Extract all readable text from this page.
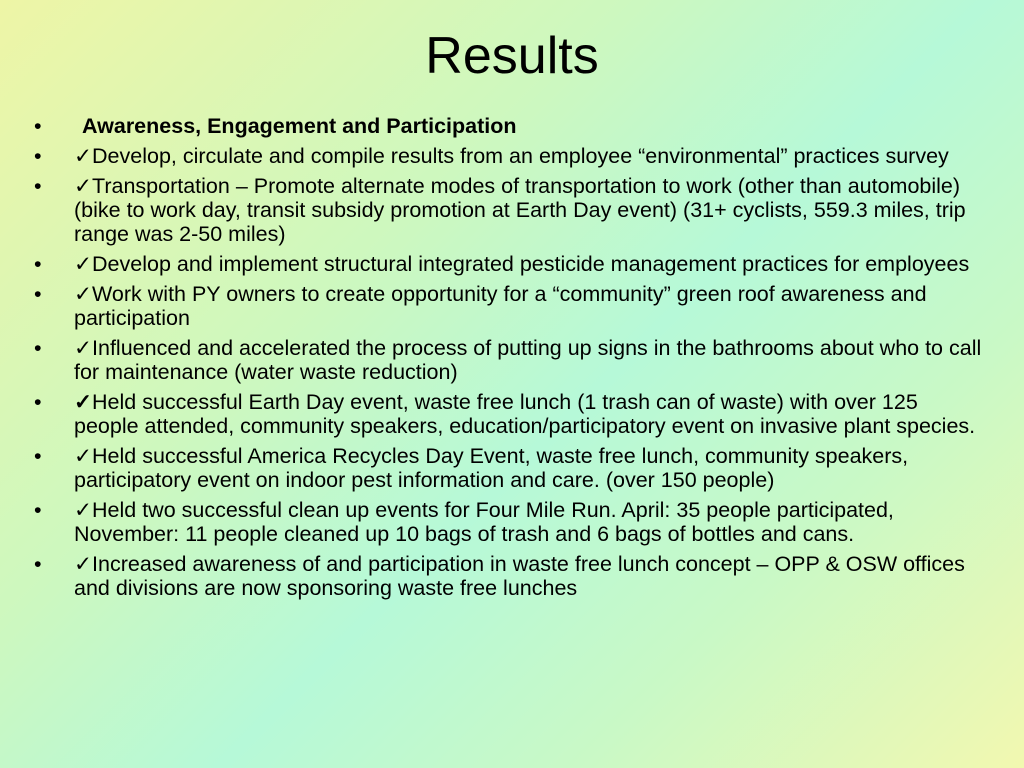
Results
•	Awareness, Engagement and Participation
•	✓Develop, circulate and compile results from an employee “environmental” practices survey
•	✓Transportation – Promote alternate modes of transportation to work (other than automobile) (bike to work day, transit subsidy promotion at Earth Day event) (31+ cyclists, 559.3 miles, trip range was 2-50 miles)
•	✓Develop and implement structural integrated pesticide management practices for employees
•	✓Work with PY owners to create opportunity for a “community” green roof awareness and participation
•	✓Influenced and accelerated the process of putting up signs in the bathrooms about who to call for maintenance (water waste reduction)
•	✓Held successful Earth Day event, waste free lunch (1 trash can of waste) with over 125 people attended, community speakers, education/participatory event on invasive plant species.
•	✓Held successful America Recycles Day Event, waste free lunch, community speakers, participatory event on indoor pest information and care. (over 150 people)
•	✓Held two successful clean up events for Four Mile Run. April: 35 people participated, November: 11 people cleaned up 10 bags of trash and 6 bags of bottles and cans.
•	✓Increased awareness of and participation in waste free lunch concept – OPP & OSW offices and divisions are now sponsoring waste free lunches
